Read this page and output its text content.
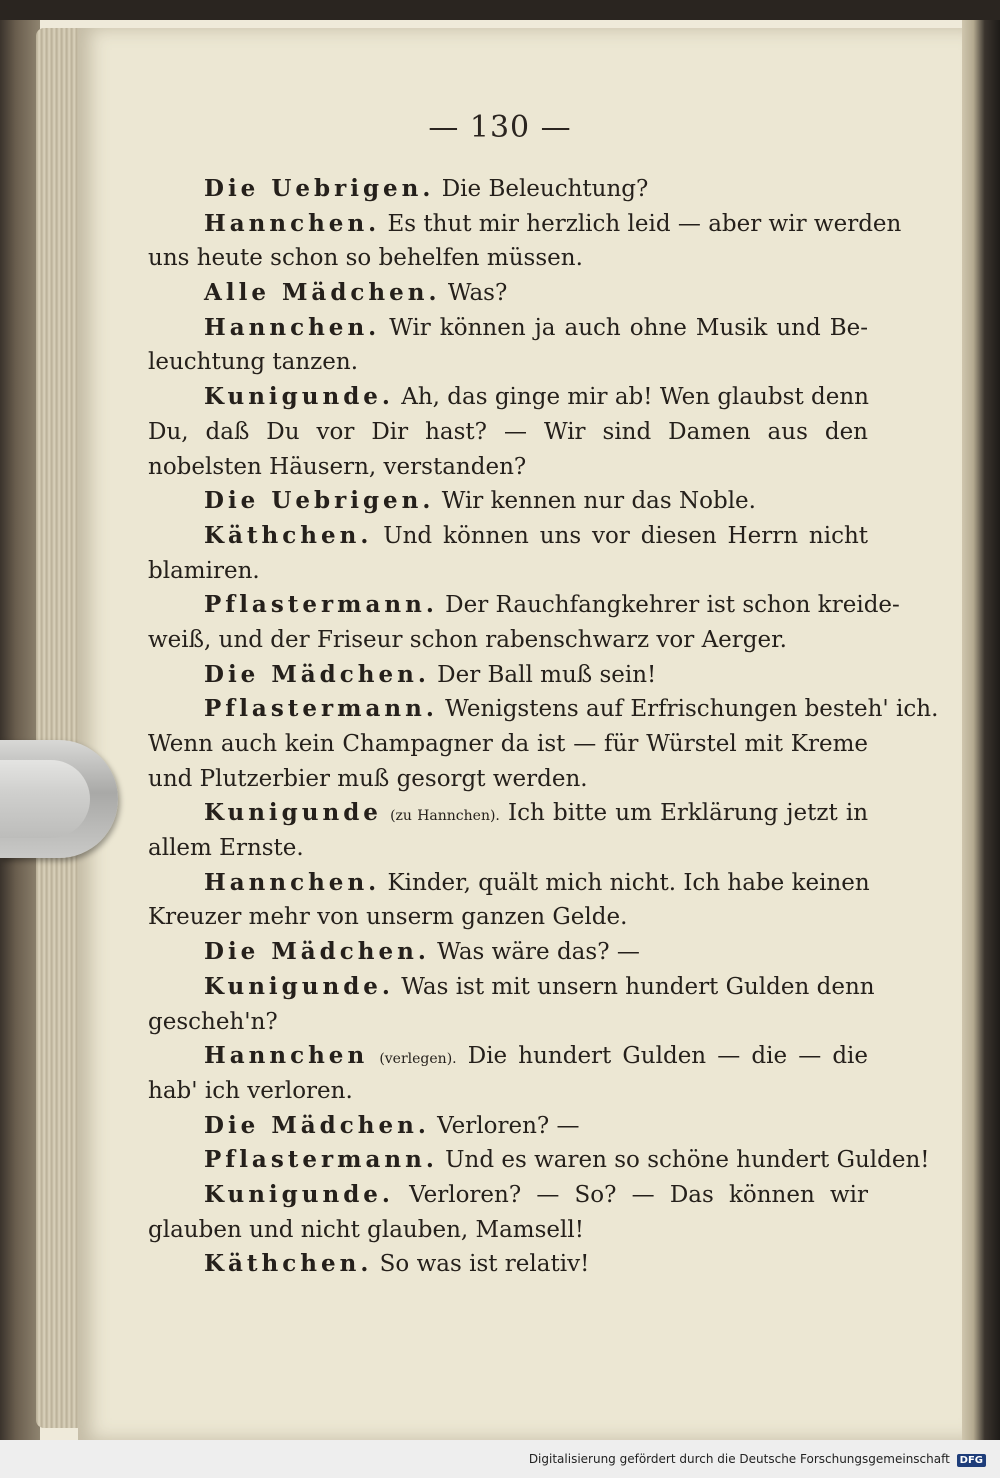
— 130 —
Die Uebrigen. Die Beleuchtung?
Hannchen. Es thut mir herzlich leid — aber wir werden
uns heute schon so behelfen müssen.
Alle Mädchen. Was?
Hannchen. Wir können ja auch ohne Musik und Be-
leuchtung tanzen.
Kunigunde. Ah, das ginge mir ab! Wen glaubst denn
Du, daß Du vor Dir hast? — Wir sind Damen aus den
nobelsten Häusern, verstanden?
Die Uebrigen. Wir kennen nur das Noble.
Käthchen. Und können uns vor diesen Herrn nicht
blamiren.
Pflastermann. Der Rauchfangkehrer ist schon kreide-
weiß, und der Friseur schon rabenschwarz vor Aerger.
Die Mädchen. Der Ball muß sein!
Pflastermann. Wenigstens auf Erfrischungen besteh' ich.
Wenn auch kein Champagner da ist — für Würstel mit Kreme
und Plutzerbier muß gesorgt werden.
Kunigunde (zu Hannchen). Ich bitte um Erklärung jetzt in
allem Ernste.
Hannchen. Kinder, quält mich nicht. Ich habe keinen
Kreuzer mehr von unserm ganzen Gelde.
Die Mädchen. Was wäre das? —
Kunigunde. Was ist mit unsern hundert Gulden denn
gescheh'n?
Hannchen (verlegen). Die hundert Gulden — die — die
hab' ich verloren.
Die Mädchen. Verloren? —
Pflastermann. Und es waren so schöne hundert Gulden!
Kunigunde. Verloren? — So? — Das können wir
glauben und nicht glauben, Mamsell!
Käthchen. So was ist relativ!
Digitalisierung gefördert durch die Deutsche Forschungsgemeinschaft DFG
